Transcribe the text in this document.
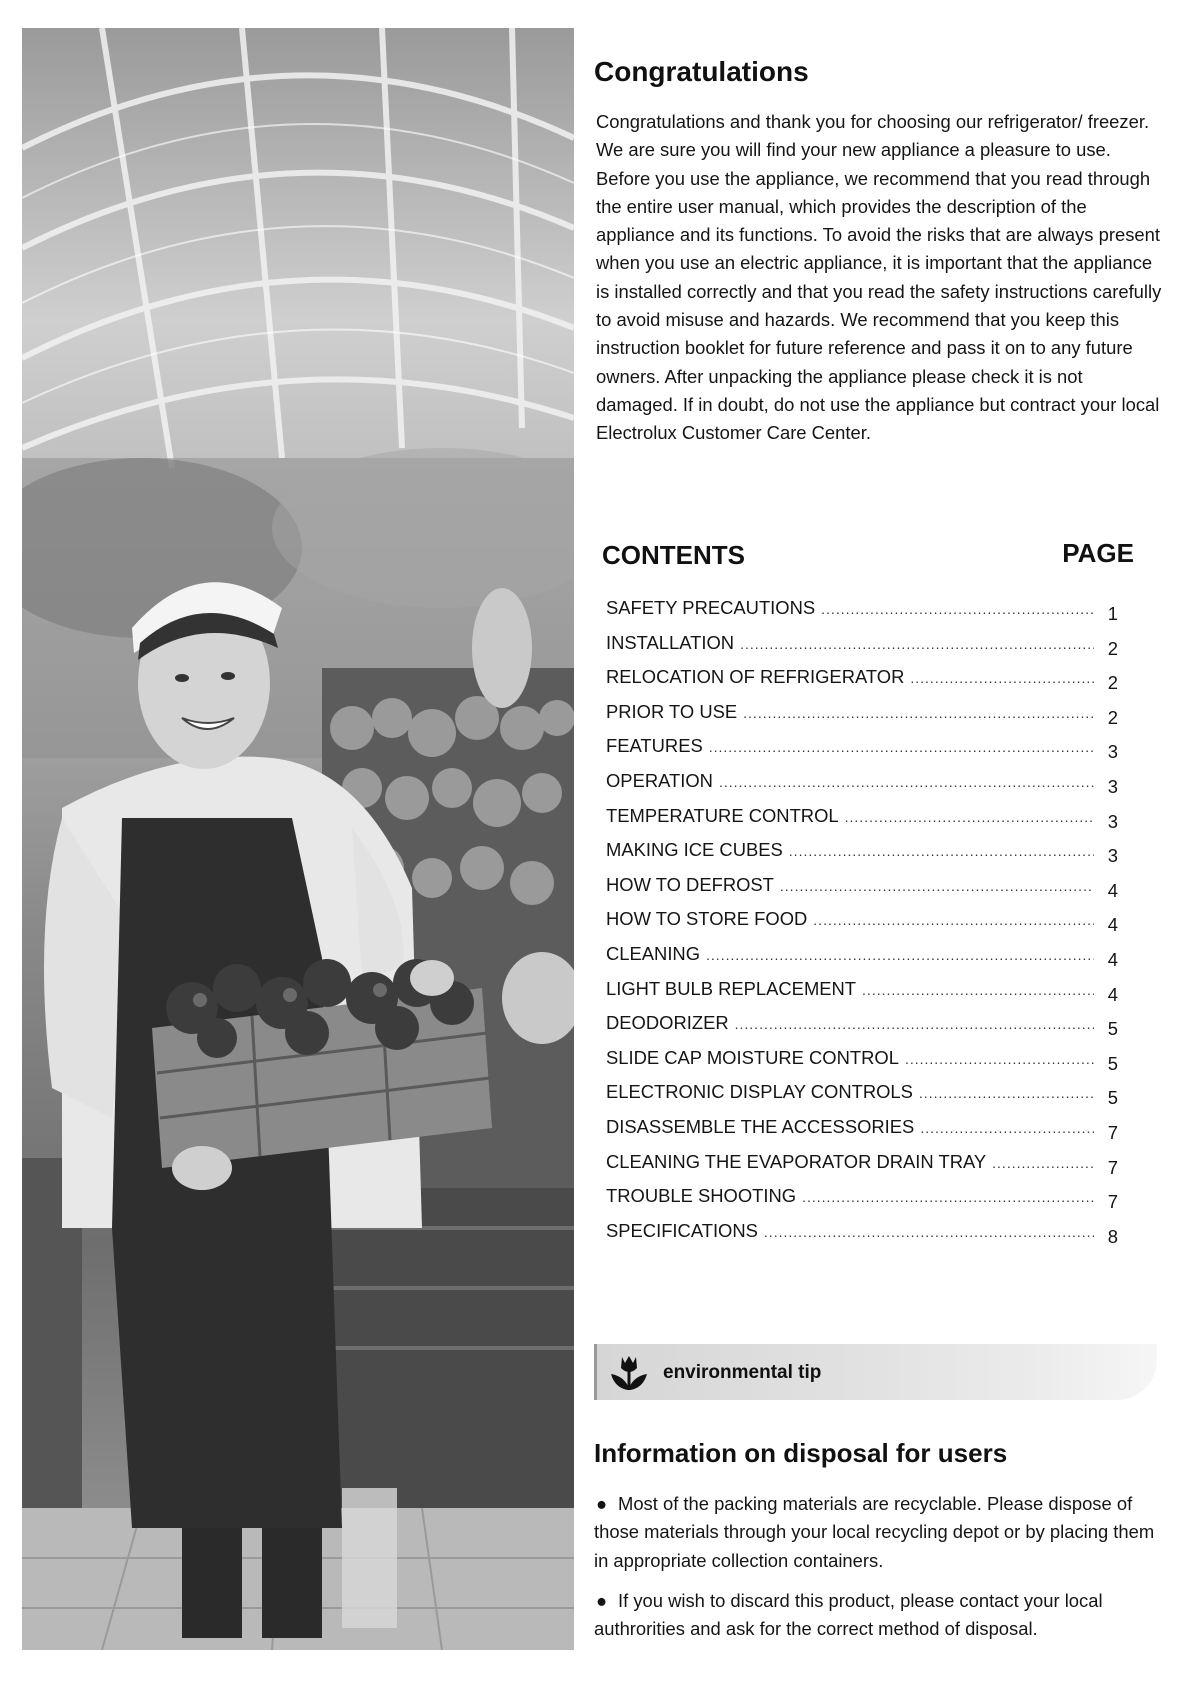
Congratulations

Congratulations and thank you for choosing our refrigerator/ freezer. We are sure you will find your new appliance a pleasure to use. Before you use the appliance, we recommend that you read through the entire user manual, which provides the description of the appliance and its functions. To avoid the risks that are always present when you use an electric appliance, it is important that the appliance is installed correctly and that you read the safety instructions carefully to avoid misuse and hazards. We recommend that you keep this instruction booklet for future reference and pass it on to any future owners. After unpacking the appliance please check it is not damaged. If in doubt, do not use the appliance but contract your local Electrolux Customer Care Center.

CONTENTS	PAGE
SAFETY PRECAUTIONS .....	1
INSTALLATION .....	2
RELOCATION OF REFRIGERATOR .....	2
PRIOR TO USE .....	2
FEATURES .....	3
OPERATION .....	3
TEMPERATURE CONTROL .....	3
MAKING ICE CUBES .....	3
HOW TO DEFROST .....	4
HOW TO STORE FOOD .....	4
CLEANING .....	4
LIGHT BULB REPLACEMENT .....	4
DEODORIZER .....	5
SLIDE CAP MOISTURE CONTROL .....	5
ELECTRONIC DISPLAY CONTROLS .....	5
DISASSEMBLE THE ACCESSORIES .....	7
CLEANING THE EVAPORATOR DRAIN TRAY .....	7
TROUBLE SHOOTING .....	7
SPECIFICATIONS .....	8
environmental tip
Information on disposal for users
● Most of the packing materials are recyclable. Please dispose of those materials through your local recycling depot or by placing them in appropriate collection containers.
● If you wish to discard this product, please contact your local authrorities and ask for the correct method of disposal.
